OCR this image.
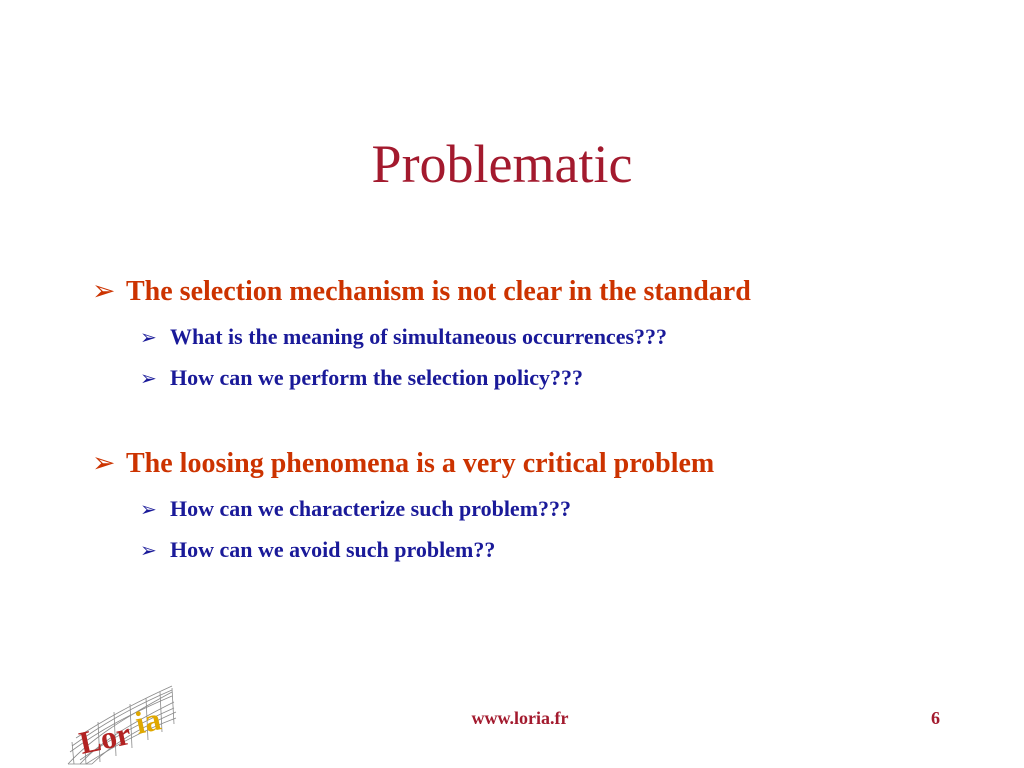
Problematic
➢ The selection mechanism is not clear in the standard
➢ What is the meaning of simultaneous occurrences???
➢ How can we perform the selection policy???
➢ The loosing phenomena is a very critical problem
➢ How can we characterize such problem???
➢ How can we avoid such problem??
Lor
ia	www.loria.fr	6
